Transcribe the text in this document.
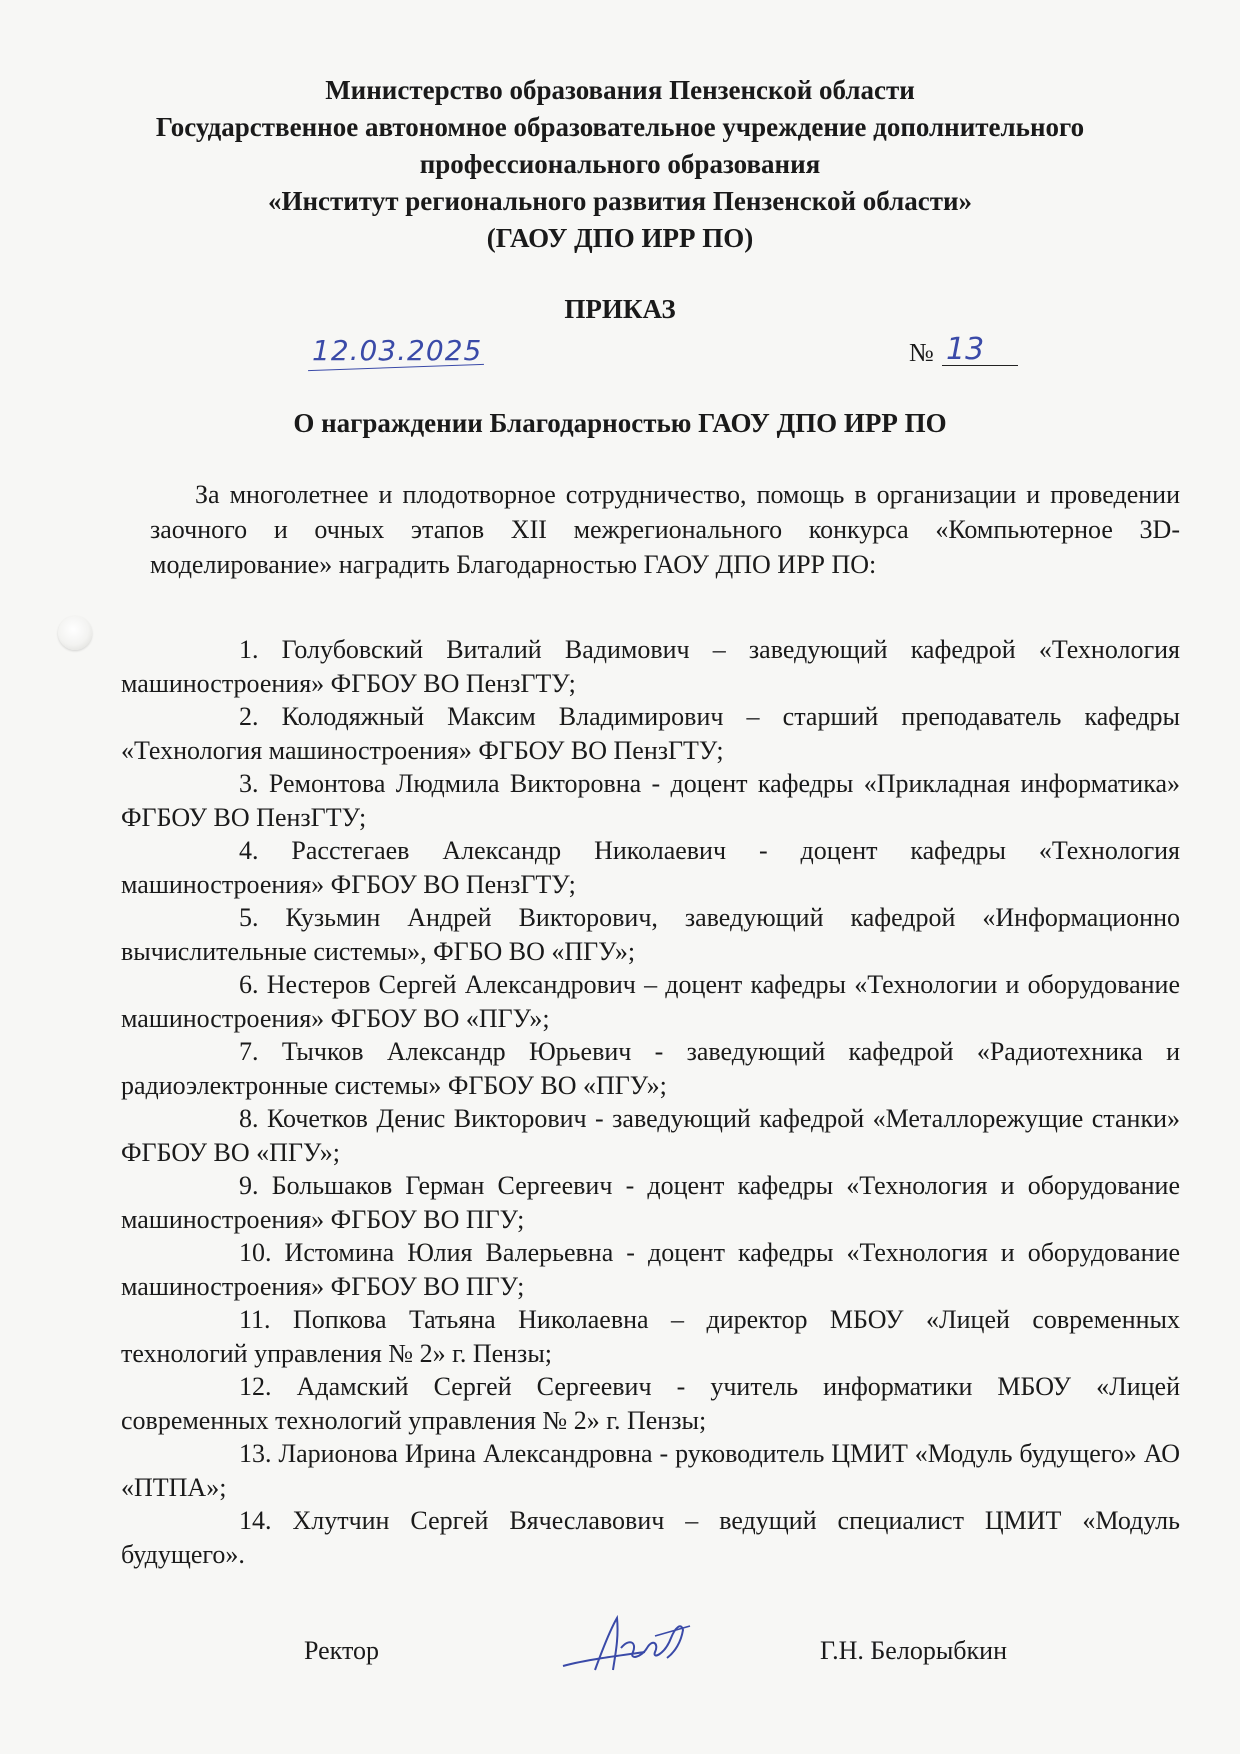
Министерство образования Пензенской области
Государственное автономное образовательное учреждение дополнительного
профессионального образования
«Институт регионального развития Пензенской области»
(ГАОУ ДПО ИРР ПО)
ПРИКАЗ
12.03.2025	№ 13
О награждении Благодарностью ГАОУ ДПО ИРР ПО
За многолетнее и плодотворное сотрудничество, помощь в организации и проведении заочного и очных этапов XII межрегионального конкурса «Компьютерное 3D-моделирование» наградить Благодарностью ГАОУ ДПО ИРР ПО:
1. Голубовский Виталий Вадимович – заведующий кафедрой «Технология машиностроения» ФГБОУ ВО ПензГТУ;
2. Колодяжный Максим Владимирович – старший преподаватель кафедры «Технология машиностроения» ФГБОУ ВО ПензГТУ;
3. Ремонтова Людмила Викторовна - доцент кафедры «Прикладная информатика» ФГБОУ ВО ПензГТУ;
4. Расстегаев Александр Николаевич - доцент кафедры «Технология машиностроения» ФГБОУ ВО ПензГТУ;
5. Кузьмин Андрей Викторович, заведующий кафедрой «Информационно вычислительные системы», ФГБО ВО «ПГУ»;
6. Нестеров Сергей Александрович – доцент кафедры «Технологии и оборудование машиностроения» ФГБОУ ВО «ПГУ»;
7. Тычков Александр Юрьевич - заведующий кафедрой «Радиотехника и радиоэлектронные системы» ФГБОУ ВО «ПГУ»;
8. Кочетков Денис Викторович - заведующий кафедрой «Металлорежущие станки» ФГБОУ ВО «ПГУ»;
9. Большаков Герман Сергеевич - доцент кафедры «Технология и оборудование машиностроения» ФГБОУ ВО ПГУ;
10. Истомина Юлия Валерьевна - доцент кафедры «Технология и оборудование машиностроения» ФГБОУ ВО ПГУ;
11. Попкова Татьяна Николаевна – директор МБОУ «Лицей современных технологий управления № 2» г. Пензы;
12. Адамский Сергей Сергеевич - учитель информатики МБОУ «Лицей современных технологий управления № 2» г. Пензы;
13. Ларионова Ирина Александровна - руководитель ЦМИТ «Модуль будущего» АО «ПТПА»;
14. Хлутчин Сергей Вячеславович – ведущий специалист ЦМИТ «Модуль будущего».
Ректор	Г.Н. Белорыбкин
